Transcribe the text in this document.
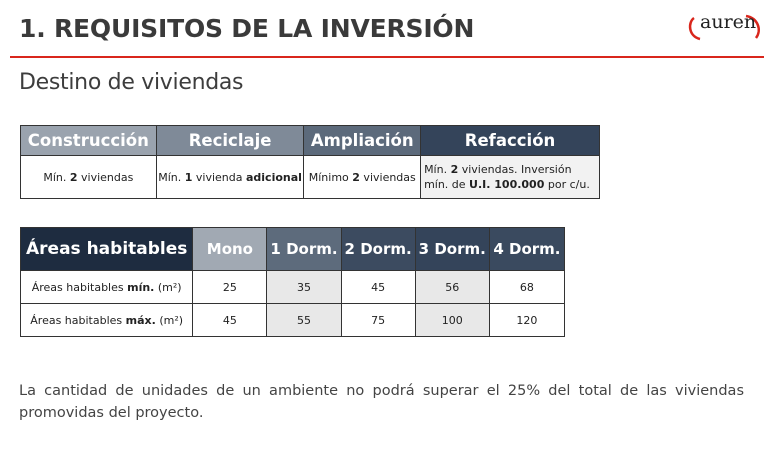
1. REQUISITOS DE LA INVERSIÓN	auren
Destino de viviendas
Construcción	Reciclaje	Ampliación	Refacción
Mín. 2 viviendas	Mín. 1 vivienda adicional	Mínimo 2 viviendas	Mín. 2 viviendas. Inversión mín. de U.I. 100.000 por c/u.
Áreas habitables	Mono	1 Dorm.	2 Dorm.	3 Dorm.	4 Dorm.
Áreas habitables mín. (m²)	25	35	45	56	68
Áreas habitables máx. (m²)	45	55	75	100	120
La cantidad de unidades de un ambiente no podrá superar el 25% del total de las viviendas promovidas del proyecto.
